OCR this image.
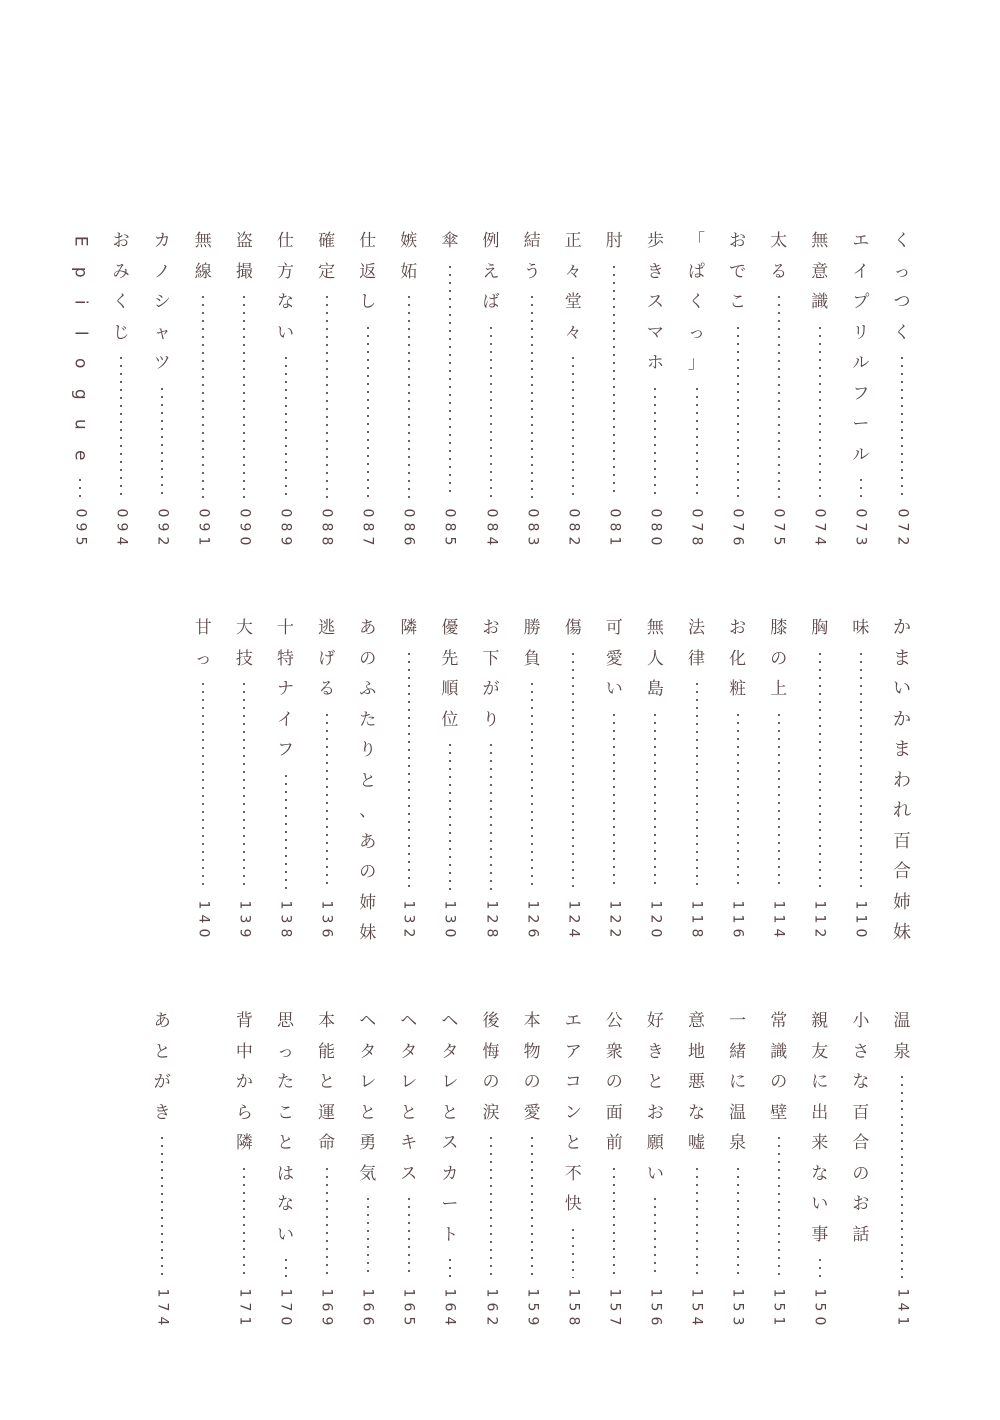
く
っ
つ
く
0
7
2
エ
イ
プ
リ
ル
フ
ー
ル
0
7
3
無
意
識
0
7
4
太
る
0
7
5
お
で
こ
0
7
6
「
ぱ
く
っ
」
0
7
8
歩
き
ス
マ
ホ
0
8
0
肘
0
8
1
正
々
堂
々
0
8
2
結
う
0
8
3
例
え
ば
0
8
4
傘
0
8
5
嫉
妬
0
8
6
仕
返
し
0
8
7
確
定
0
8
8
仕
方
な
い
0
8
9
盗
撮
0
9
0
無
線
0
9
1
カ
ノ
シ
ャ
ツ
0
9
2
お
み
く
じ
0
9
4
E
p
i
l
o
g
u
e
0
9
5
か
ま
い
か
ま
わ
れ
百
合
姉
妹
味
1
1
0
胸
1
1
2
膝
の
上
1
1
4
お
化
粧
1
1
6
法
律
1
1
8
無
人
島
1
2
0
可
愛
い
1
2
2
傷
1
2
4
勝
負
1
2
6
お
下
が
り
1
2
8
優
先
順
位
1
3
0
隣
1
3
2
あ
の
ふ
た
り
と
、
あ
の
姉
妹
逃
げ
る
1
3
6
十
特
ナ
イ
フ
1
3
8
大
技
1
3
9
甘
っ
1
4
0
温
泉
1
4
1
小
さ
な
百
合
の
お
話
親
友
に
出
来
な
い
事
1
5
0
常
識
の
壁
1
5
1
一
緒
に
温
泉
1
5
3
意
地
悪
な
嘘
1
5
4
好
き
と
お
願
い
1
5
6
公
衆
の
面
前
1
5
7
エ
ア
コ
ン
と
不
快
1
5
8
本
物
の
愛
1
5
9
後
悔
の
涙
1
6
2
ヘ
タ
レ
と
ス
カ
ー
ト
1
6
4
ヘ
タ
レ
と
キ
ス
1
6
5
ヘ
タ
レ
と
勇
気
1
6
6
本
能
と
運
命
1
6
9
思
っ
た
こ
と
は
な
い
1
7
0
背
中
か
ら
隣
1
7
1
あ
と
が
き
1
7
4
